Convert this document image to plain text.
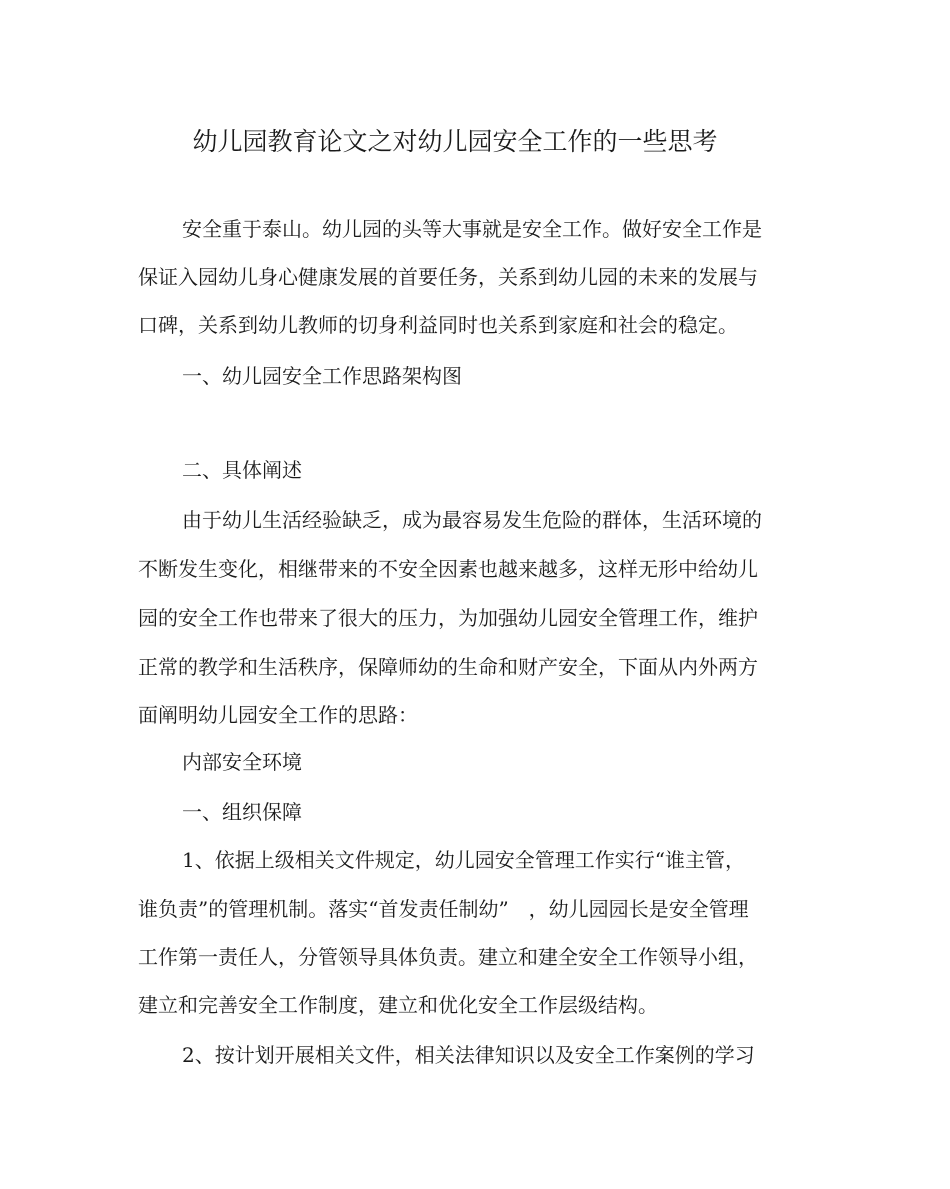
幼儿园教育论文之对幼儿园安全工作的一些思考
安全重于泰山。幼儿园的头等大事就是安全工作。做好安全工作是
保证入园幼儿身心健康发展的首要任务，关系到幼儿园的未来的发展与
口碑，关系到幼儿教师的切身利益同时也关系到家庭和社会的稳定。
一、幼儿园安全工作思路架构图
二、具体阐述
由于幼儿生活经验缺乏，成为最容易发生危险的群体，生活环境的
不断发生变化，相继带来的不安全因素也越来越多，这样无形中给幼儿
园的安全工作也带来了很大的压力，为加强幼儿园安全管理工作，维护
正常的教学和生活秩序，保障师幼的生命和财产安全，下面从内外两方
面阐明幼儿园安全工作的思路：
内部安全环境
一、组织保障
1、依据上级相关文件规定，幼儿园安全管理工作实行“谁主管，
谁负责”的管理机制。落实“首发责任制幼”　，幼儿园园长是安全管理
工作第一责任人，分管领导具体负责。建立和建全安全工作领导小组，
建立和完善安全工作制度，建立和优化安全工作层级结构。
2、按计划开展相关文件，相关法律知识以及安全工作案例的学习
